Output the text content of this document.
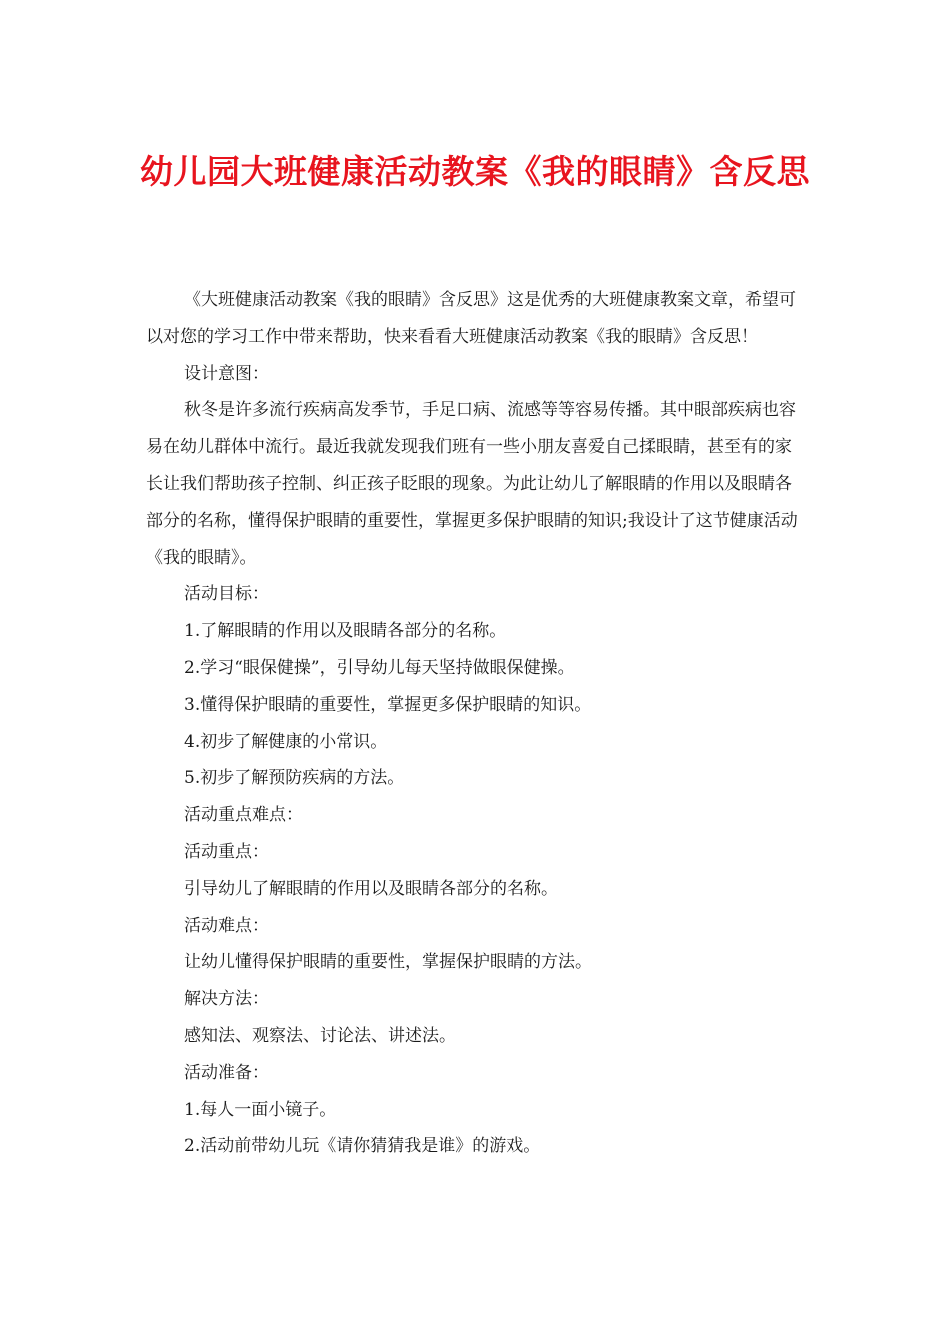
幼儿园大班健康活动教案《我的眼睛》含反思

《大班健康活动教案《我的眼睛》含反思》这是优秀的大班健康教案文章，希望可以对您的学习工作中带来帮助，快来看看大班健康活动教案《我的眼睛》含反思！

设计意图：

秋冬是许多流行疾病高发季节，手足口病、流感等等容易传播。其中眼部疾病也容易在幼儿群体中流行。最近我就发现我们班有一些小朋友喜爱自己揉眼睛，甚至有的家长让我们帮助孩子控制、纠正孩子眨眼的现象。为此让幼儿了解眼睛的作用以及眼睛各部分的名称，懂得保护眼睛的重要性，掌握更多保护眼睛的知识;我设计了这节健康活动《我的眼睛》。

活动目标：

1.了解眼睛的作用以及眼睛各部分的名称。

2.学习“眼保健操”，引导幼儿每天坚持做眼保健操。

3.懂得保护眼睛的重要性，掌握更多保护眼睛的知识。

4.初步了解健康的小常识。

5.初步了解预防疾病的方法。

活动重点难点：

活动重点：

引导幼儿了解眼睛的作用以及眼睛各部分的名称。

活动难点：

让幼儿懂得保护眼睛的重要性，掌握保护眼睛的方法。

解决方法：

感知法、观察法、讨论法、讲述法。

活动准备：

1.每人一面小镜子。

2.活动前带幼儿玩《请你猜猜我是谁》的游戏。
